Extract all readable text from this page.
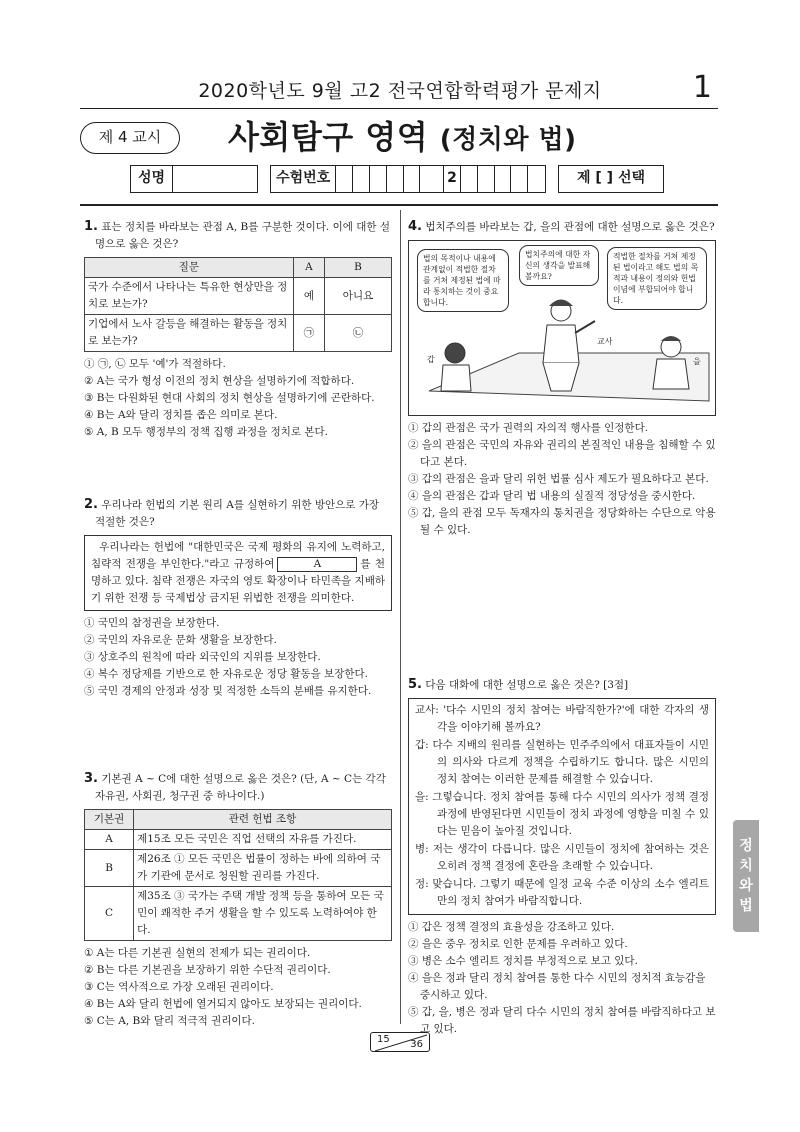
2020학년도 9월 고2 전국연합학력평가 문제지	1
제 4 교시	사회탐구 영역 (정치와 법)
성명	수험번호	2	제 [ ] 선택
1. 표는 정치를 바라보는 관점 A, B를 구분한 것이다. 이에 대한 설명으로 옳은 것은?
질문	A	B
국가 수준에서 나타나는 특유한 현상만을 정치로 보는가?	예	아니요
기업에서 노사 갈등을 해결하는 활동을 정치로 보는가?	㉠	㉡
① ㉠, ㉡ 모두 '예'가 적절하다.
② A는 국가 형성 이전의 정치 현상을 설명하기에 적합하다.
③ B는 다원화된 현대 사회의 정치 현상을 설명하기에 곤란하다.
④ B는 A와 달리 정치를 좁은 의미로 본다.
⑤ A, B 모두 행정부의 정책 집행 과정을 정치로 본다.
2. 우리나라 헌법의 기본 원리 A를 실현하기 위한 방안으로 가장 적절한 것은?
우리나라는 헌법에 "대한민국은 국제 평화의 유지에 노력하고, 침략적 전쟁을 부인한다."라고 규정하여	A	를 천명하고 있다. 침략 전쟁은 자국의 영토 확장이나 타민족을 지배하기 위한 전쟁 등 국제법상 금지된 위법한 전쟁을 의미한다.
① 국민의 참정권을 보장한다.
② 국민의 자유로운 문화 생활을 보장한다.
③ 상호주의 원칙에 따라 외국인의 지위를 보장한다.
④ 복수 정당제를 기반으로 한 자유로운 정당 활동을 보장한다.
⑤ 국민 경제의 안정과 성장 및 적정한 소득의 분배를 유지한다.
3. 기본권 A ~ C에 대한 설명으로 옳은 것은? (단, A ~ C는 각각 자유권, 사회권, 청구권 중 하나이다.)
기본권	관련 헌법 조항
A	제15조 모든 국민은 직업 선택의 자유를 가진다.
B	제26조 ① 모든 국민은 법률이 정하는 바에 의하여 국가 기관에 문서로 청원할 권리를 가진다.
C	제35조 ③ 국가는 주택 개발 정책 등을 통하여 모든 국민이 쾌적한 주거 생활을 할 수 있도록 노력하여야 한다.
① A는 다른 기본권 실현의 전제가 되는 권리이다.
② B는 다른 기본권을 보장하기 위한 수단적 권리이다.
③ C는 역사적으로 가장 오래된 권리이다.
④ B는 A와 달리 헌법에 열거되지 않아도 보장되는 권리이다.
⑤ C는 A, B와 달리 적극적 권리이다.
4. 법치주의를 바라보는 갑, 을의 관점에 대한 설명으로 옳은 것은?
법의 목적이나 내용에 관계없이 적법한 절차를 거쳐 제정된 법에 따라 통치하는 것이 중요합니다.
법치주의에 대한 자신의 생각을 발표해 볼까요?
적법한 절차를 거쳐 제정된 법이라고 해도 법의 목적과 내용이 정의와 헌법 이념에 부합되어야 합니다.
교사
갑	을
① 갑의 관점은 국가 권력의 자의적 행사를 인정한다.
② 을의 관점은 국민의 자유와 권리의 본질적인 내용을 침해할 수 있다고 본다.
③ 갑의 관점은 을과 달리 위헌 법률 심사 제도가 필요하다고 본다.
④ 을의 관점은 갑과 달리 법 내용의 실질적 정당성을 중시한다.
⑤ 갑, 을의 관점 모두 독재자의 통치권을 정당화하는 수단으로 악용될 수 있다.
5. 다음 대화에 대한 설명으로 옳은 것은? [3점]
교사: '다수 시민의 정치 참여는 바람직한가?'에 대한 각자의 생각을 이야기해 볼까요?
갑: 다수 지배의 원리를 실현하는 민주주의에서 대표자들이 시민의 의사와 다르게 정책을 수립하기도 합니다. 많은 시민의 정치 참여는 이러한 문제를 해결할 수 있습니다.
을: 그렇습니다. 정치 참여를 통해 다수 시민의 의사가 정책 결정 과정에 반영된다면 시민들이 정치 과정에 영향을 미칠 수 있다는 믿음이 높아질 것입니다.
병: 저는 생각이 다릅니다. 많은 시민들이 정치에 참여하는 것은 오히려 정책 결정에 혼란을 초래할 수 있습니다.
정: 맞습니다. 그렇기 때문에 일정 교육 수준 이상의 소수 엘리트만의 정치 참여가 바람직합니다.
① 갑은 정책 결정의 효율성을 강조하고 있다.
② 을은 중우 정치로 인한 문제를 우려하고 있다.
③ 병은 소수 엘리트 정치를 부정적으로 보고 있다.
④ 을은 정과 달리 정치 참여를 통한 다수 시민의 정치적 효능감을 중시하고 있다.
⑤ 갑, 을, 병은 정과 달리 다수 시민의 정치 참여를 바람직하다고 보고 있다.
정
치
와
법
15 36
